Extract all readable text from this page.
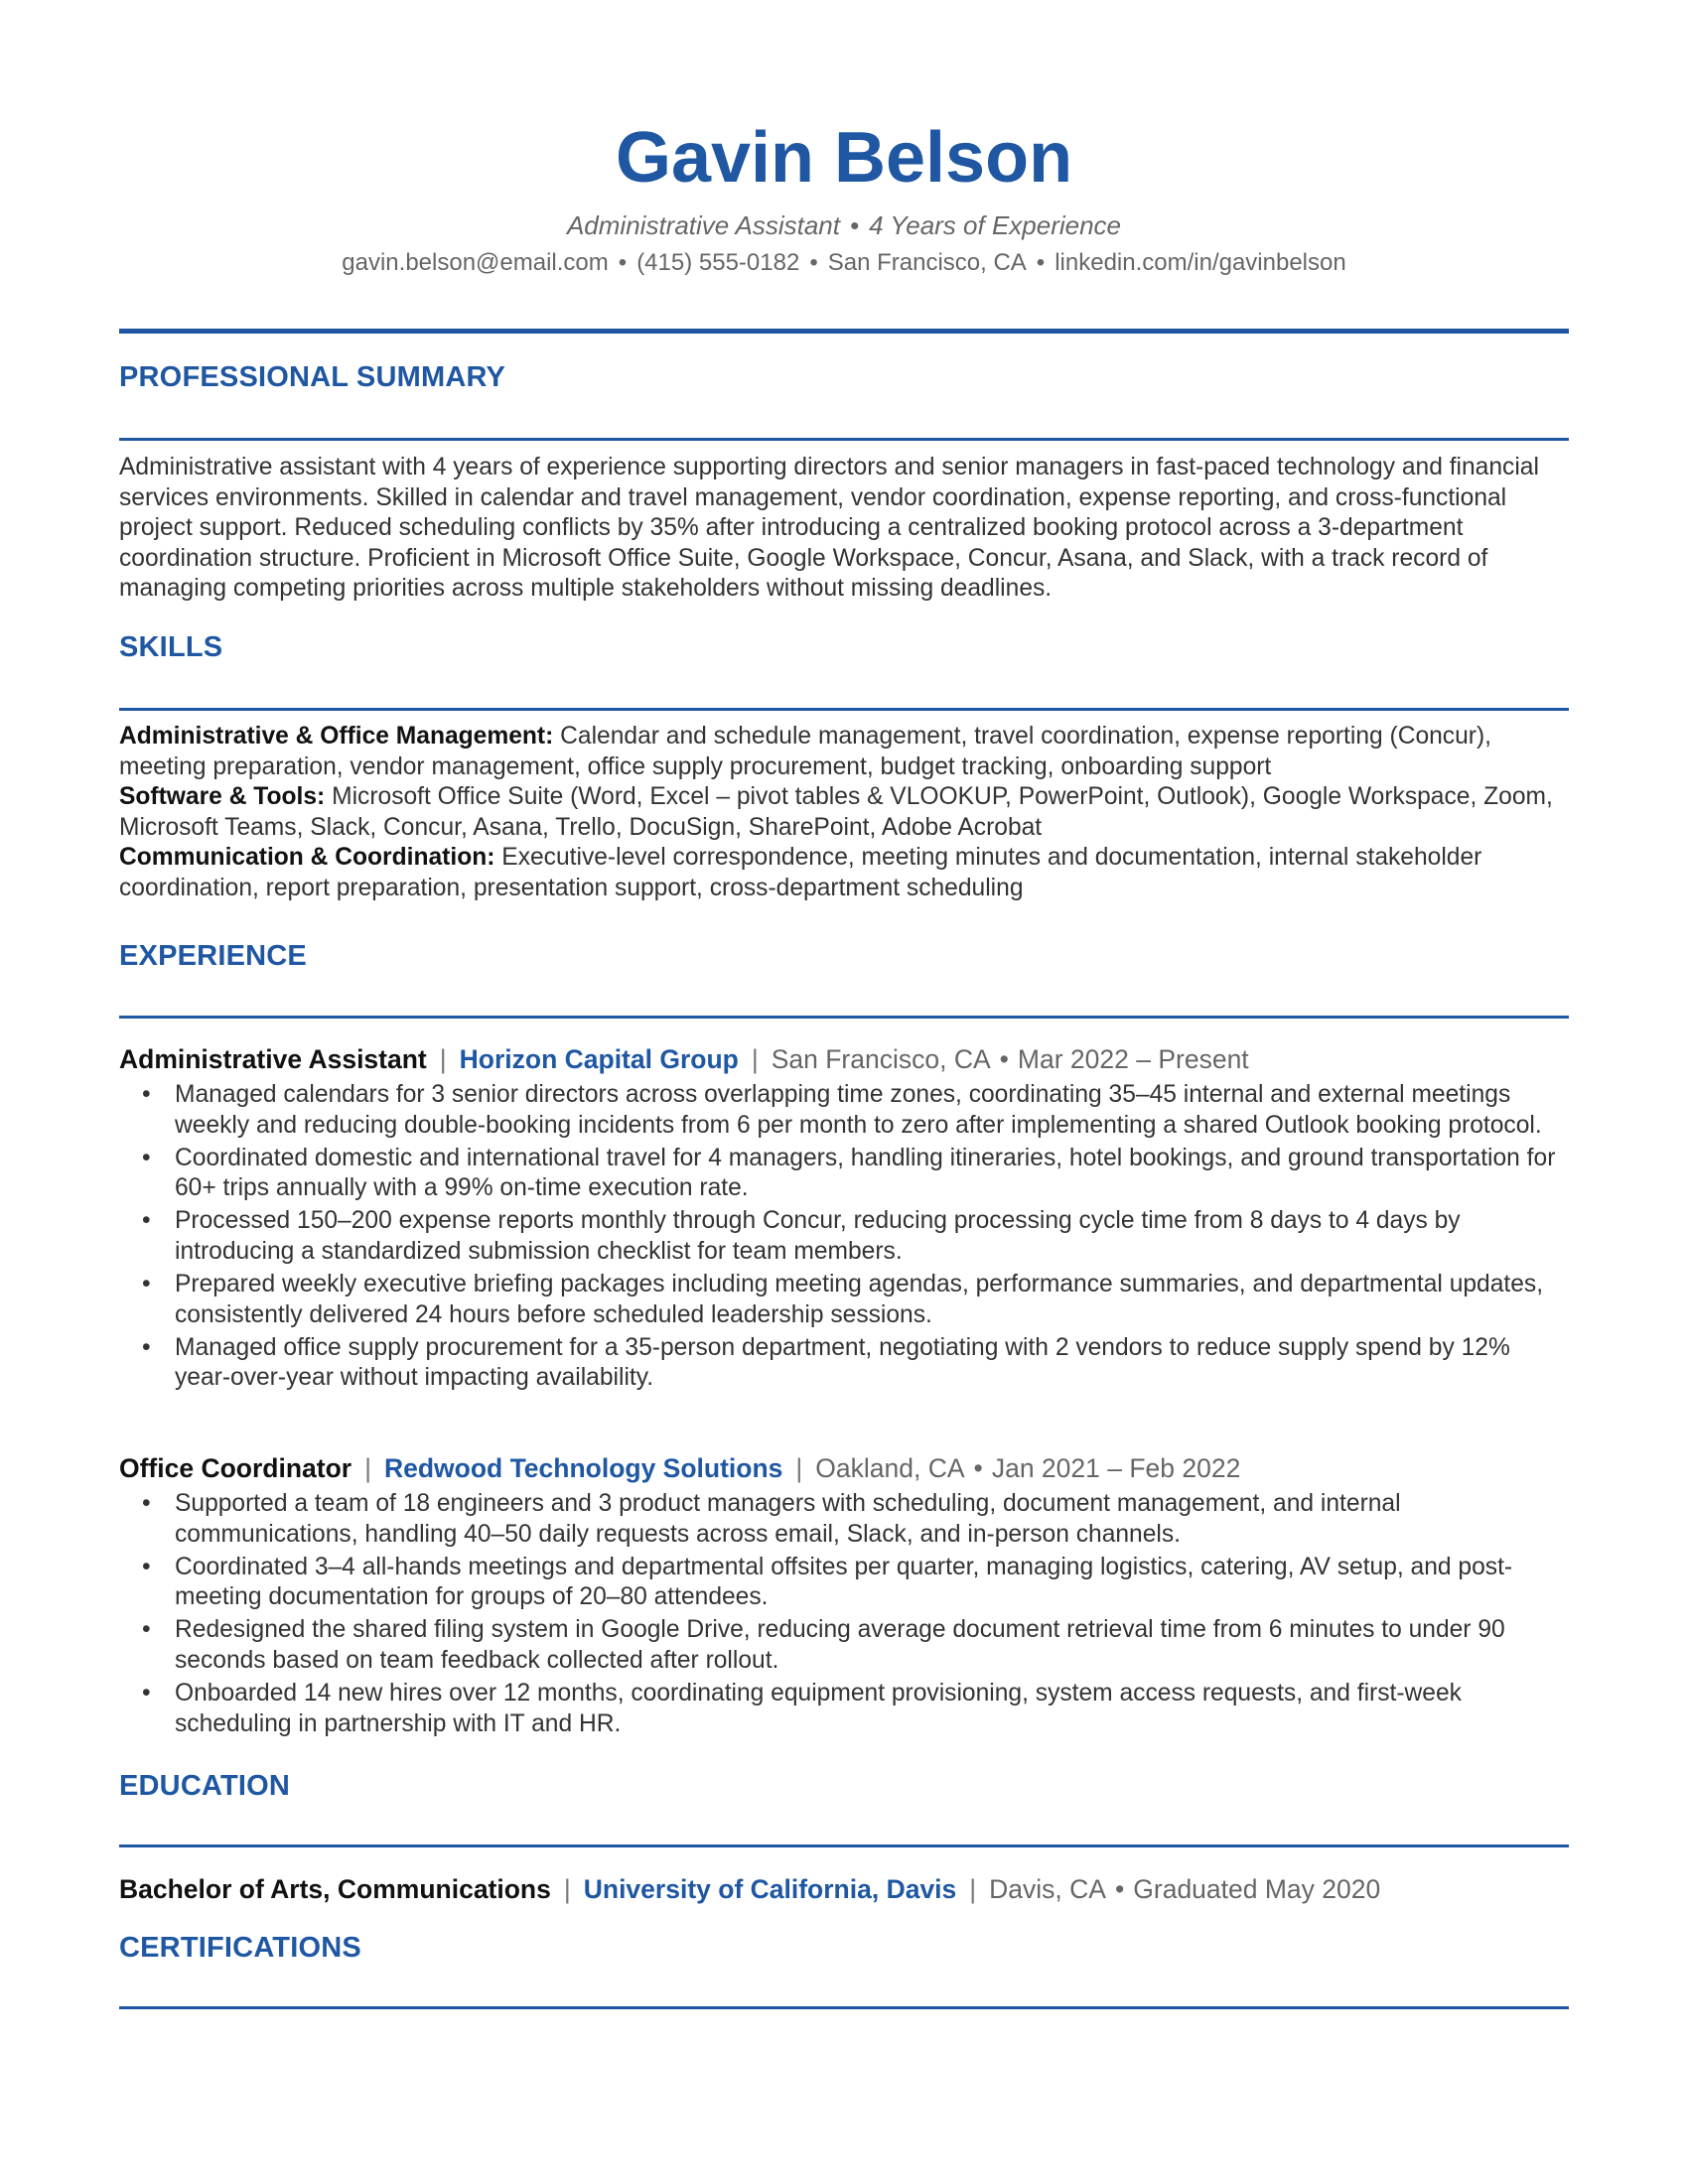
Gavin Belson
Administrative Assistant • 4 Years of Experience
gavin.belson@email.com • (415) 555-0182 • San Francisco, CA • linkedin.com/in/gavinbelson
PROFESSIONAL SUMMARY
Administrative assistant with 4 years of experience supporting directors and senior managers in fast-paced technology and financial services environments. Skilled in calendar and travel management, vendor coordination, expense reporting, and cross-functional project support. Reduced scheduling conflicts by 35% after introducing a centralized booking protocol across a 3-department coordination structure. Proficient in Microsoft Office Suite, Google Workspace, Concur, Asana, and Slack, with a track record of managing competing priorities across multiple stakeholders without missing deadlines.
SKILLS

Administrative & Office Management: Calendar and schedule management, travel coordination, expense reporting (Concur), meeting preparation, vendor management, office supply procurement, budget tracking, onboarding support

Software & Tools: Microsoft Office Suite (Word, Excel – pivot tables & VLOOKUP, PowerPoint, Outlook), Google Workspace, Zoom, Microsoft Teams, Slack, Concur, Asana, Trello, DocuSign, SharePoint, Adobe Acrobat

Communication & Coordination: Executive-level correspondence, meeting minutes and documentation, internal stakeholder coordination, report preparation, presentation support, cross-department scheduling

EXPERIENCE
Administrative Assistant | Horizon Capital Group | San Francisco, CA • Mar 2022 – Present
• Managed calendars for 3 senior directors across overlapping time zones, coordinating 35–45 internal and external meetings weekly and reducing double-booking incidents from 6 per month to zero after implementing a shared Outlook booking protocol.
• Coordinated domestic and international travel for 4 managers, handling itineraries, hotel bookings, and ground transportation for 60+ trips annually with a 99% on-time execution rate.
• Processed 150–200 expense reports monthly through Concur, reducing processing cycle time from 8 days to 4 days by introducing a standardized submission checklist for team members.
• Prepared weekly executive briefing packages including meeting agendas, performance summaries, and departmental updates, consistently delivered 24 hours before scheduled leadership sessions.
• Managed office supply procurement for a 35-person department, negotiating with 2 vendors to reduce supply spend by 12% year-over-year without impacting availability.
Office Coordinator | Redwood Technology Solutions | Oakland, CA • Jan 2021 – Feb 2022
• Supported a team of 18 engineers and 3 product managers with scheduling, document management, and internal communications, handling 40–50 daily requests across email, Slack, and in-person channels.
• Coordinated 3–4 all-hands meetings and departmental offsites per quarter, managing logistics, catering, AV setup, and post-meeting documentation for groups of 20–80 attendees.
• Redesigned the shared filing system in Google Drive, reducing average document retrieval time from 6 minutes to under 90 seconds based on team feedback collected after rollout.
• Onboarded 14 new hires over 12 months, coordinating equipment provisioning, system access requests, and first-week scheduling in partnership with IT and HR.
EDUCATION
Bachelor of Arts, Communications | University of California, Davis | Davis, CA • Graduated May 2020
CERTIFICATIONS
